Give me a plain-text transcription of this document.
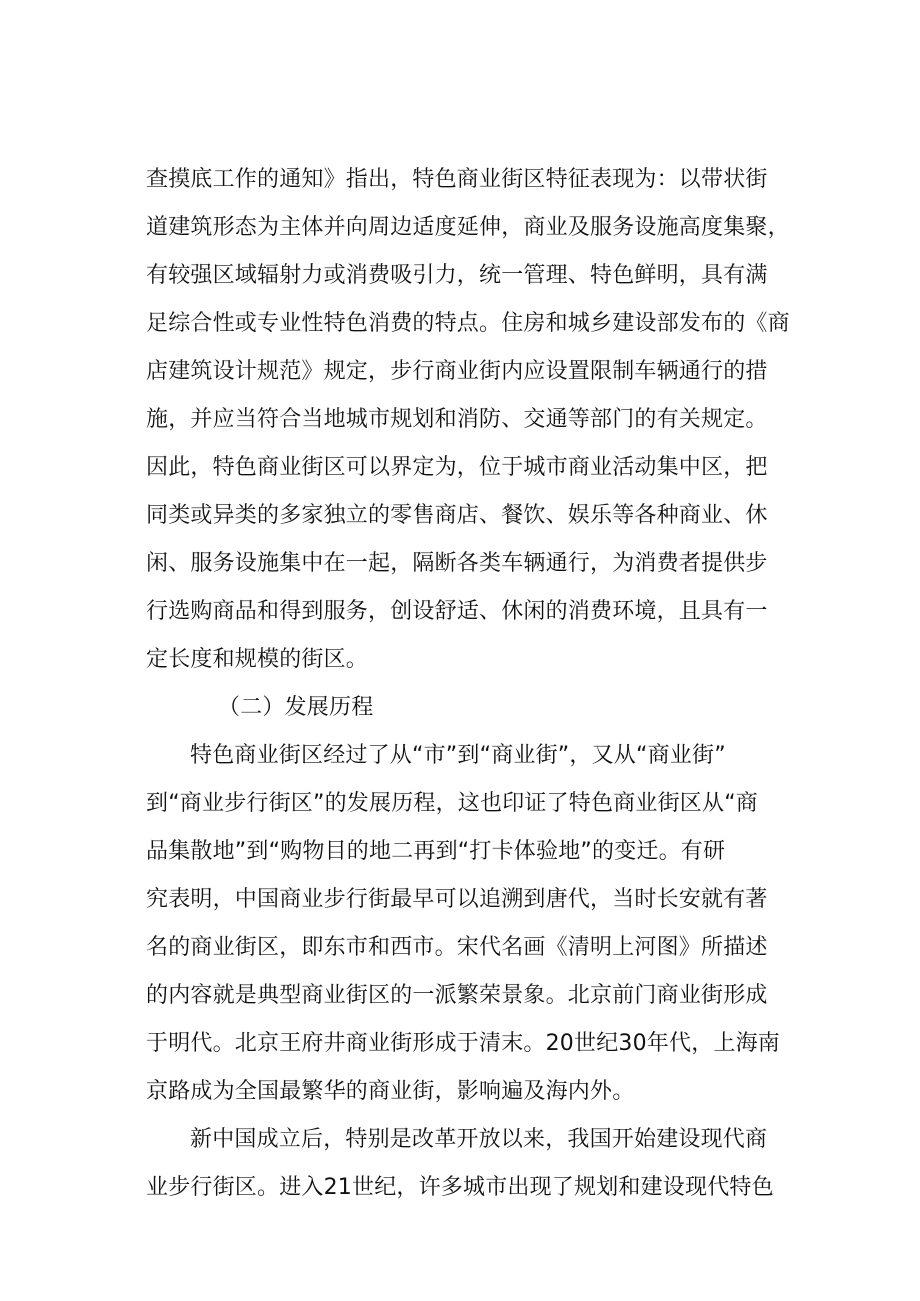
查摸底工作的通知》指出，特色商业街区特征表现为：以带状街
道建筑形态为主体并向周边适度延伸，商业及服务设施高度集聚，
有较强区域辐射力或消费吸引力，统一管理、特色鲜明，具有满
足综合性或专业性特色消费的特点。住房和城乡建设部发布的《商
店建筑设计规范》规定，步行商业街内应设置限制车辆通行的措
施，并应当符合当地城市规划和消防、交通等部门的有关规定。
因此，特色商业街区可以界定为，位于城市商业活动集中区，把
同类或异类的多家独立的零售商店、餐饮、娱乐等各种商业、休
闲、服务设施集中在一起，隔断各类车辆通行，为消费者提供步
行选购商品和得到服务，创设舒适、休闲的消费环境，且具有一
定长度和规模的街区。
（二）发展历程
特色商业街区经过了从“市”到“商业街”，又从“商业街”
到“商业步行街区”的发展历程，这也印证了特色商业街区从“商
品集散地”到“购物目的地二再到“打卡体验地”的变迁。有研
究表明，中国商业步行街最早可以追溯到唐代，当时长安就有著
名的商业街区，即东市和西市。宋代名画《清明上河图》所描述
的内容就是典型商业街区的一派繁荣景象。北京前门商业街形成
于明代。北京王府井商业街形成于清末。20世纪30年代，上海南
京路成为全国最繁华的商业街，影响遍及海内外。
新中国成立后，特别是改革开放以来，我国开始建设现代商
业步行街区。进入21世纪，许多城市出现了规划和建设现代特色
